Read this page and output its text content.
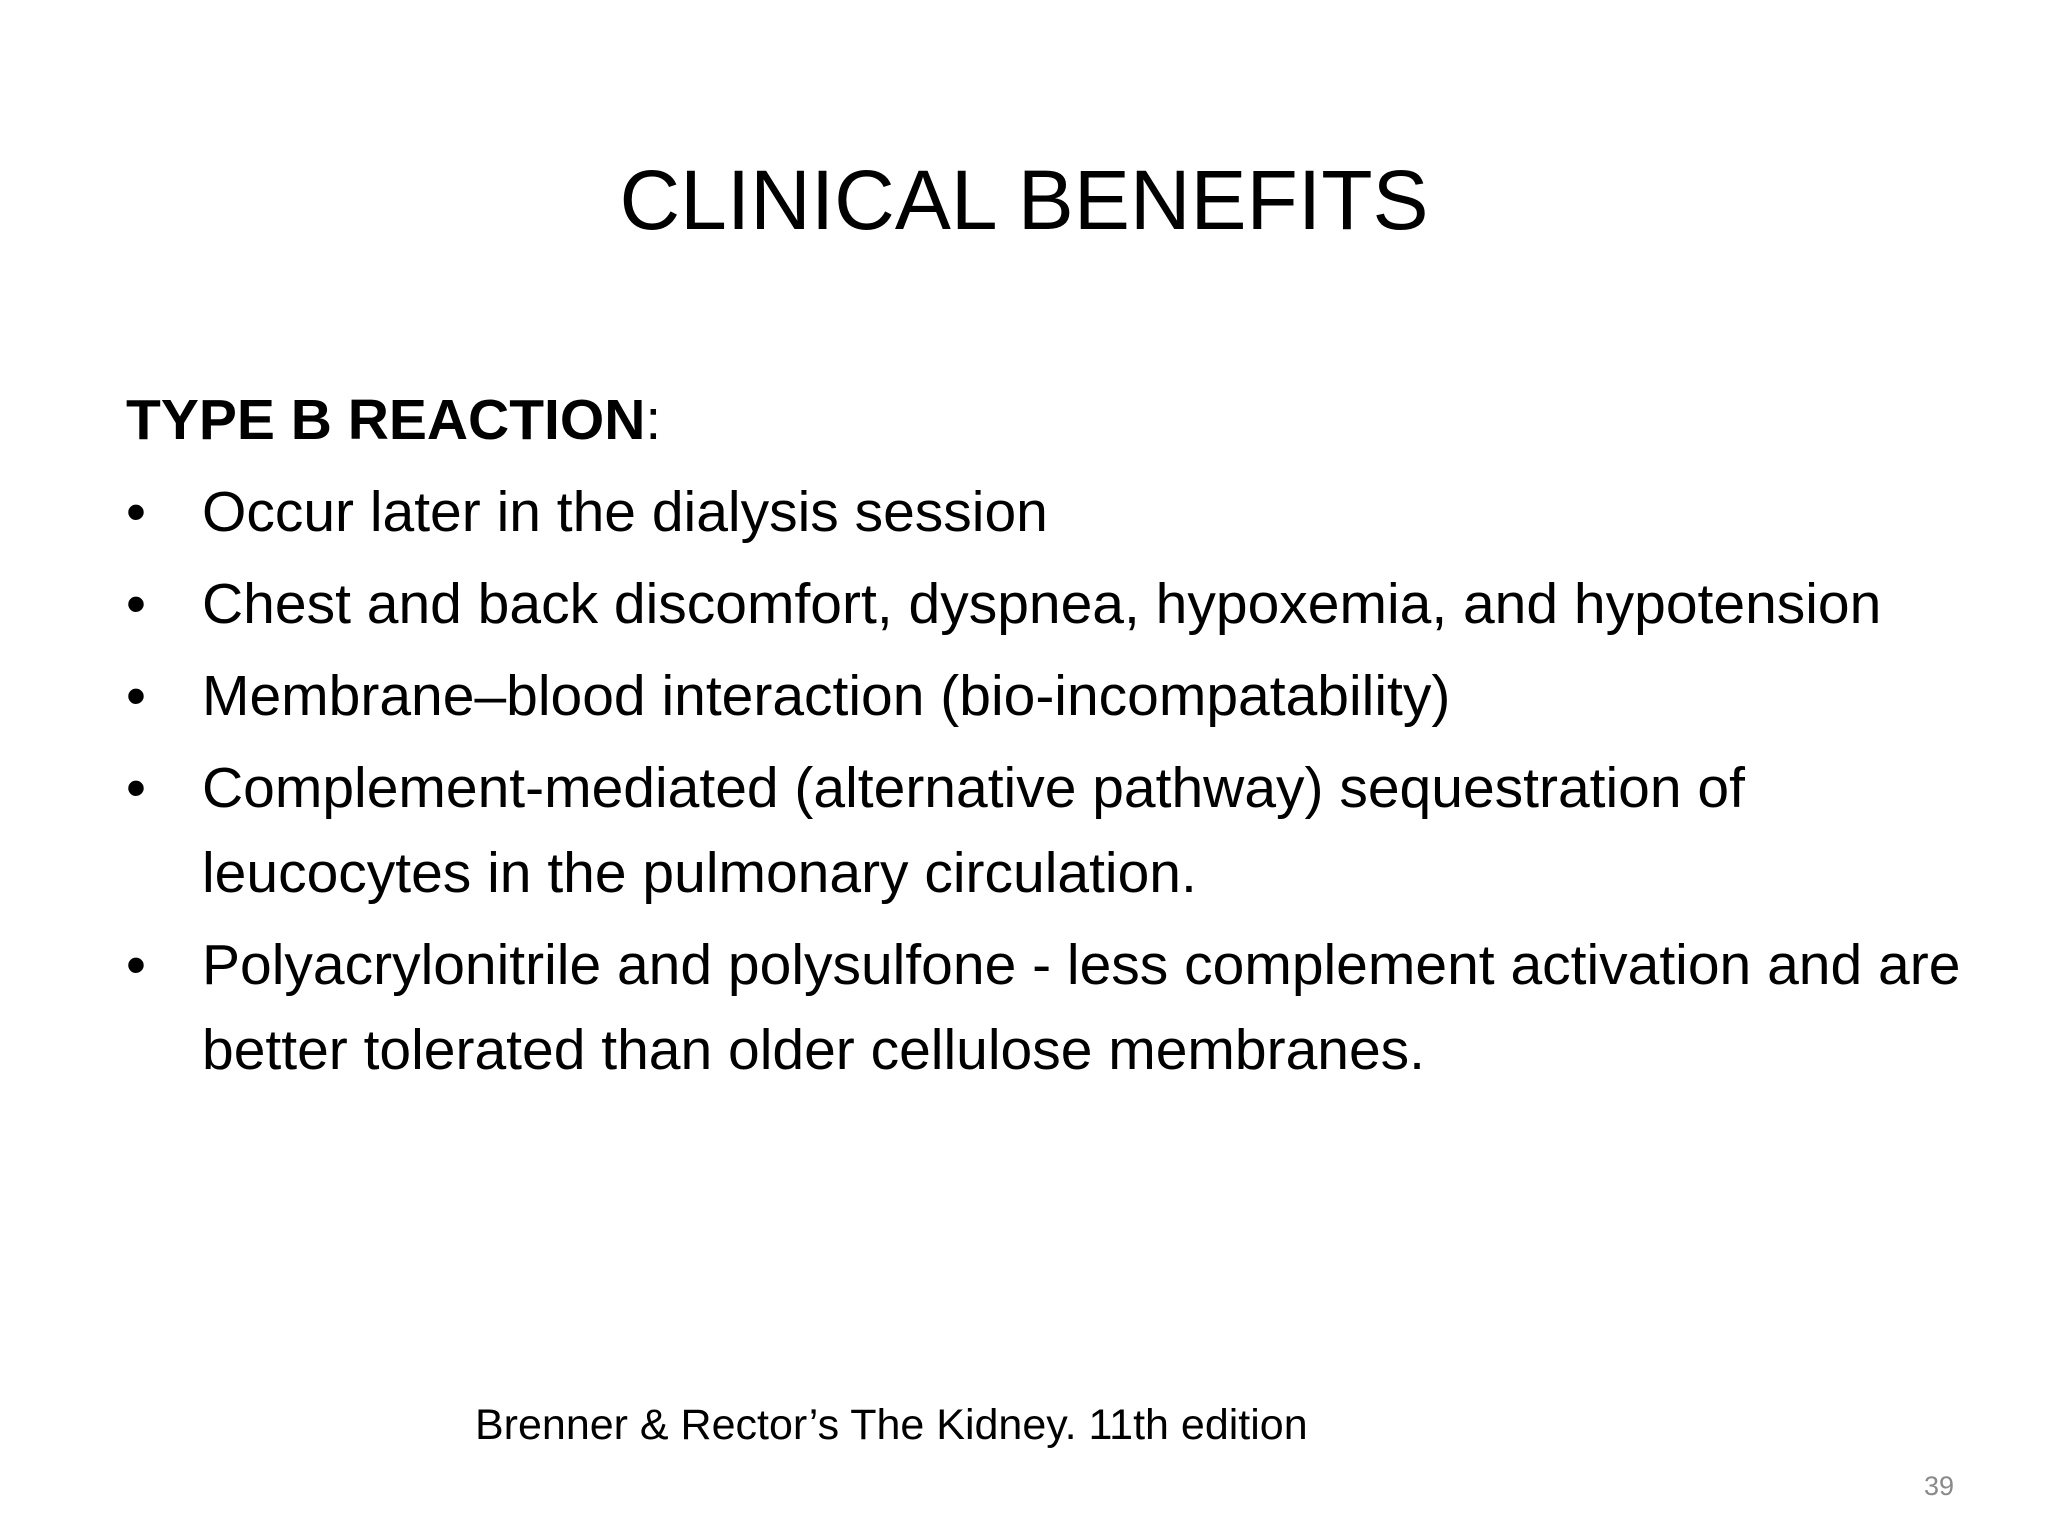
CLINICAL BENEFITS

TYPE B REACTION:

• Occur later in the dialysis session
• Chest and back discomfort, dyspnea, hypoxemia, and hypotension
• Membrane–blood interaction (bio-incompatability)
• Complement-mediated (alternative pathway) sequestration of leucocytes in the pulmonary circulation.
• Polyacrylonitrile and polysulfone - less complement activation and are better tolerated than older cellulose membranes.
Brenner & Rector’s The Kidney. 11th edition
39
